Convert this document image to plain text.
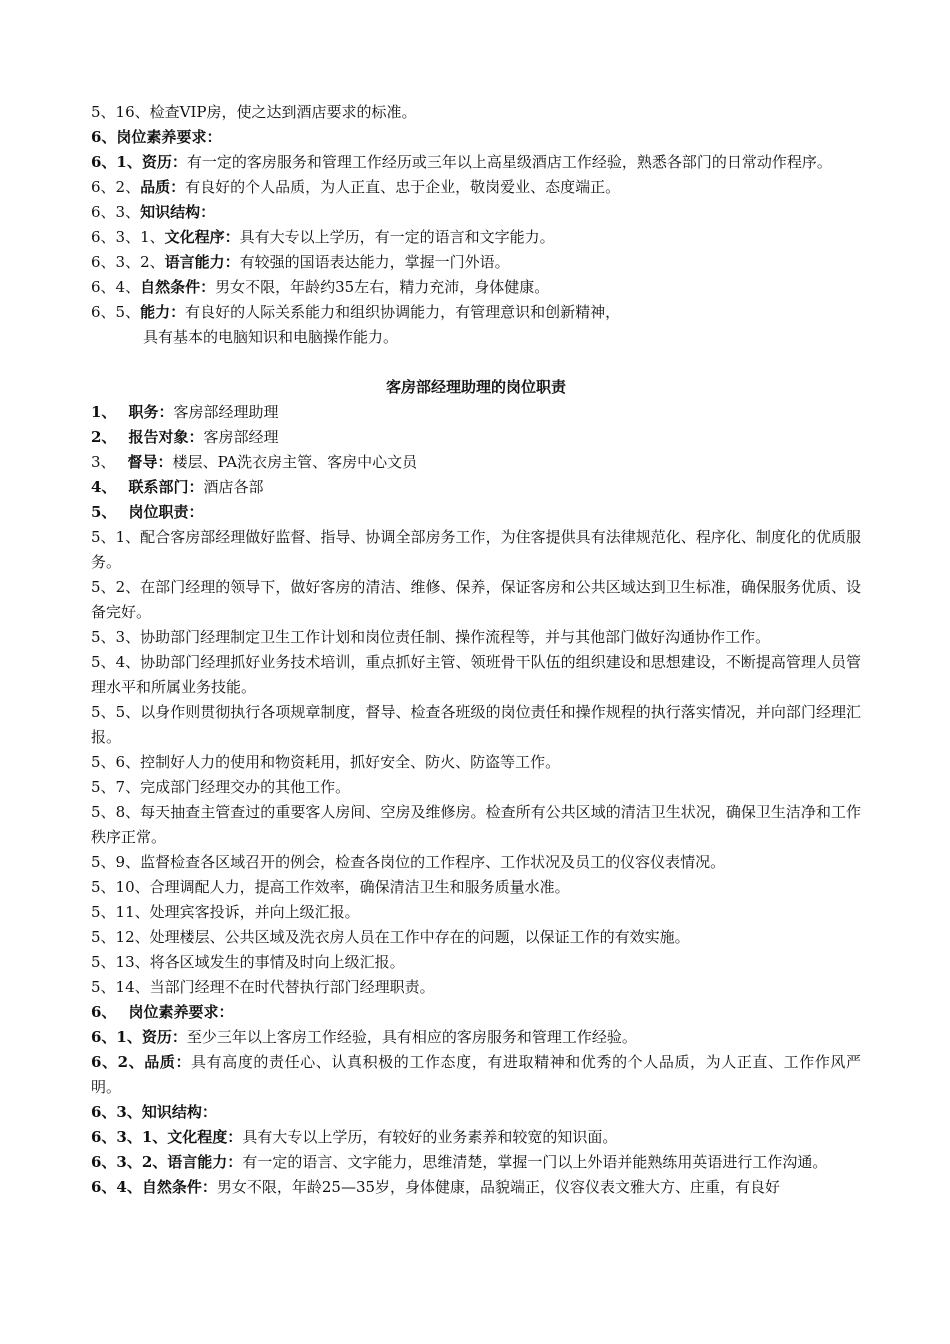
5、16、检查VIP房，使之达到酒店要求的标准。
6、岗位素养要求：
6、1、资历：有一定的客房服务和管理工作经历或三年以上高星级酒店工作经验，熟悉各部门的日常动作程序。
6、2、品质：有良好的个人品质，为人正直、忠于企业，敬岗爱业、态度端正。
6、3、知识结构：
6、3、1、文化程序：具有大专以上学历，有一定的语言和文字能力。
6、3、2、语言能力：有较强的国语表达能力，掌握一门外语。
6、4、自然条件：男女不限，年龄约35左右，精力充沛，身体健康。
6、5、能力：有良好的人际关系能力和组织协调能力，有管理意识和创新精神，
具有基本的电脑知识和电脑操作能力。
客房部经理助理的岗位职责
1、 职务：客房部经理助理
2、 报告对象：客房部经理
3、 督导：楼层、PA洗衣房主管、客房中心文员
4、 联系部门：酒店各部
5、 岗位职责：
5、1、配合客房部经理做好监督、指导、协调全部房务工作，为住客提供具有法律规范化、程序化、制度化的优质服务。
5、2、在部门经理的领导下，做好客房的清洁、维修、保养，保证客房和公共区域达到卫生标准，确保服务优质、设备完好。
5、3、协助部门经理制定卫生工作计划和岗位责任制、操作流程等，并与其他部门做好沟通协作工作。
5、4、协助部门经理抓好业务技术培训，重点抓好主管、领班骨干队伍的组织建设和思想建设，不断提高管理人员管理水平和所属业务技能。
5、5、以身作则贯彻执行各项规章制度，督导、检查各班级的岗位责任和操作规程的执行落实情况，并向部门经理汇报。
5、6、控制好人力的使用和物资耗用，抓好安全、防火、防盗等工作。
5、7、完成部门经理交办的其他工作。
5、8、每天抽查主管查过的重要客人房间、空房及维修房。检查所有公共区域的清洁卫生状况，确保卫生洁净和工作秩序正常。
5、9、监督检查各区域召开的例会，检查各岗位的工作程序、工作状况及员工的仪容仪表情况。
5、10、合理调配人力，提高工作效率，确保清洁卫生和服务质量水准。
5、11、处理宾客投诉，并向上级汇报。
5、12、处理楼层、公共区域及洗衣房人员在工作中存在的问题，以保证工作的有效实施。
5、13、将各区域发生的事情及时向上级汇报。
5、14、当部门经理不在时代替执行部门经理职责。
6、 岗位素养要求：
6、1、资历：至少三年以上客房工作经验，具有相应的客房服务和管理工作经验。
6、2、品质：具有高度的责任心、认真积极的工作态度，有进取精神和优秀的个人品质，为人正直、工作作风严明。
6、3、知识结构：
6、3、1、文化程度：具有大专以上学历，有较好的业务素养和较宽的知识面。
6、3、2、语言能力：有一定的语言、文字能力，思维清楚，掌握一门以上外语并能熟练用英语进行工作沟通。
6、4、自然条件：男女不限，年龄25—35岁，身体健康，品貌端正，仪容仪表文雅大方、庄重，有良好
